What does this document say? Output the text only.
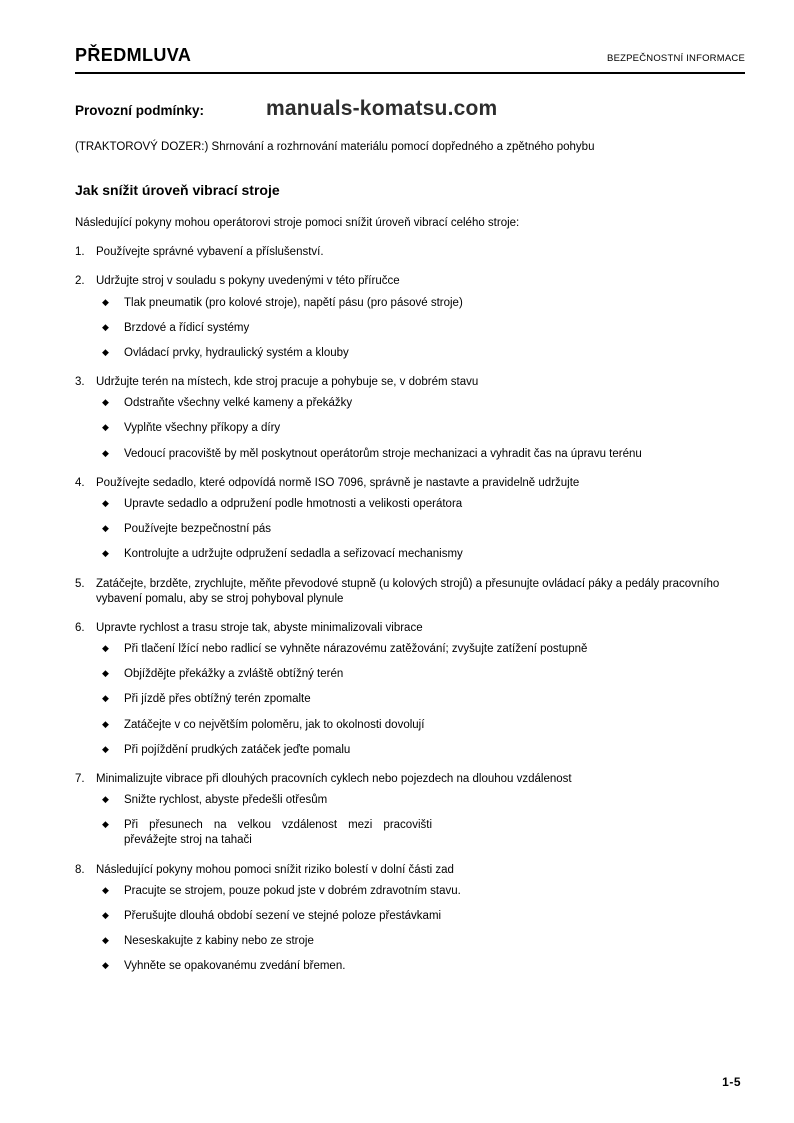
PŘEDMLUVA	BEZPEČNOSTNÍ INFORMACE
Provozní podmínky:	manuals-komatsu.com

(TRAKTOROVÝ DOZER:) Shrnování a rozhrnování materiálu pomocí dopředného a zpětného pohybu

Jak snížit úroveň vibrací stroje

Následující pokyny mohou operátorovi stroje pomoci snížit úroveň vibrací celého stroje:

1. Používejte správné vybavení a příslušenství.
2. Udržujte stroj v souladu s pokyny uvedenými v této příručce
◆ Tlak pneumatik (pro kolové stroje), napětí pásu (pro pásové stroje)
◆ Brzdové a řídicí systémy
◆ Ovládací prvky, hydraulický systém a klouby
3. Udržujte terén na místech, kde stroj pracuje a pohybuje se, v dobrém stavu
◆ Odstraňte všechny velké kameny a překážky
◆ Vyplňte všechny příkopy a díry
◆ Vedoucí pracoviště by měl poskytnout operátorům stroje mechanizaci a vyhradit čas na úpravu terénu
4. Používejte sedadlo, které odpovídá normě ISO 7096, správně je nastavte a pravidelně udržujte
◆ Upravte sedadlo a odpružení podle hmotnosti a velikosti operátora
◆ Používejte bezpečnostní pás
◆ Kontrolujte a udržujte odpružení sedadla a seřizovací mechanismy
5. Zatáčejte, brzděte, zrychlujte, měňte převodové stupně (u kolových strojů) a přesunujte ovládací páky a pedály pracovního vybavení pomalu, aby se stroj pohyboval plynule
6. Upravte rychlost a trasu stroje tak, abyste minimalizovali vibrace
◆ Při tlačení lžící nebo radlicí se vyhněte nárazovému zatěžování; zvyšujte zatížení postupně
◆ Objíždějte překážky a zvláště obtížný terén
◆ Při jízdě přes obtížný terén zpomalte
◆ Zatáčejte v co největším poloměru, jak to okolnosti dovolují
◆ Při pojíždění prudkých zatáček jeďte pomalu
7. Minimalizujte vibrace při dlouhých pracovních cyklech nebo pojezdech na dlouhou vzdálenost
◆ Snižte rychlost, abyste předešli otřesům
◆ Při přesunech na velkou vzdálenost mezi pracovišti převážejte stroj na tahači
8. Následující pokyny mohou pomoci snížit riziko bolestí v dolní části zad
◆ Pracujte se strojem, pouze pokud jste v dobrém zdravotním stavu.
◆ Přerušujte dlouhá období sezení ve stejné poloze přestávkami
◆ Neseskakujte z kabiny nebo ze stroje
◆ Vyhněte se opakovanému zvedání břemen.
1-5
